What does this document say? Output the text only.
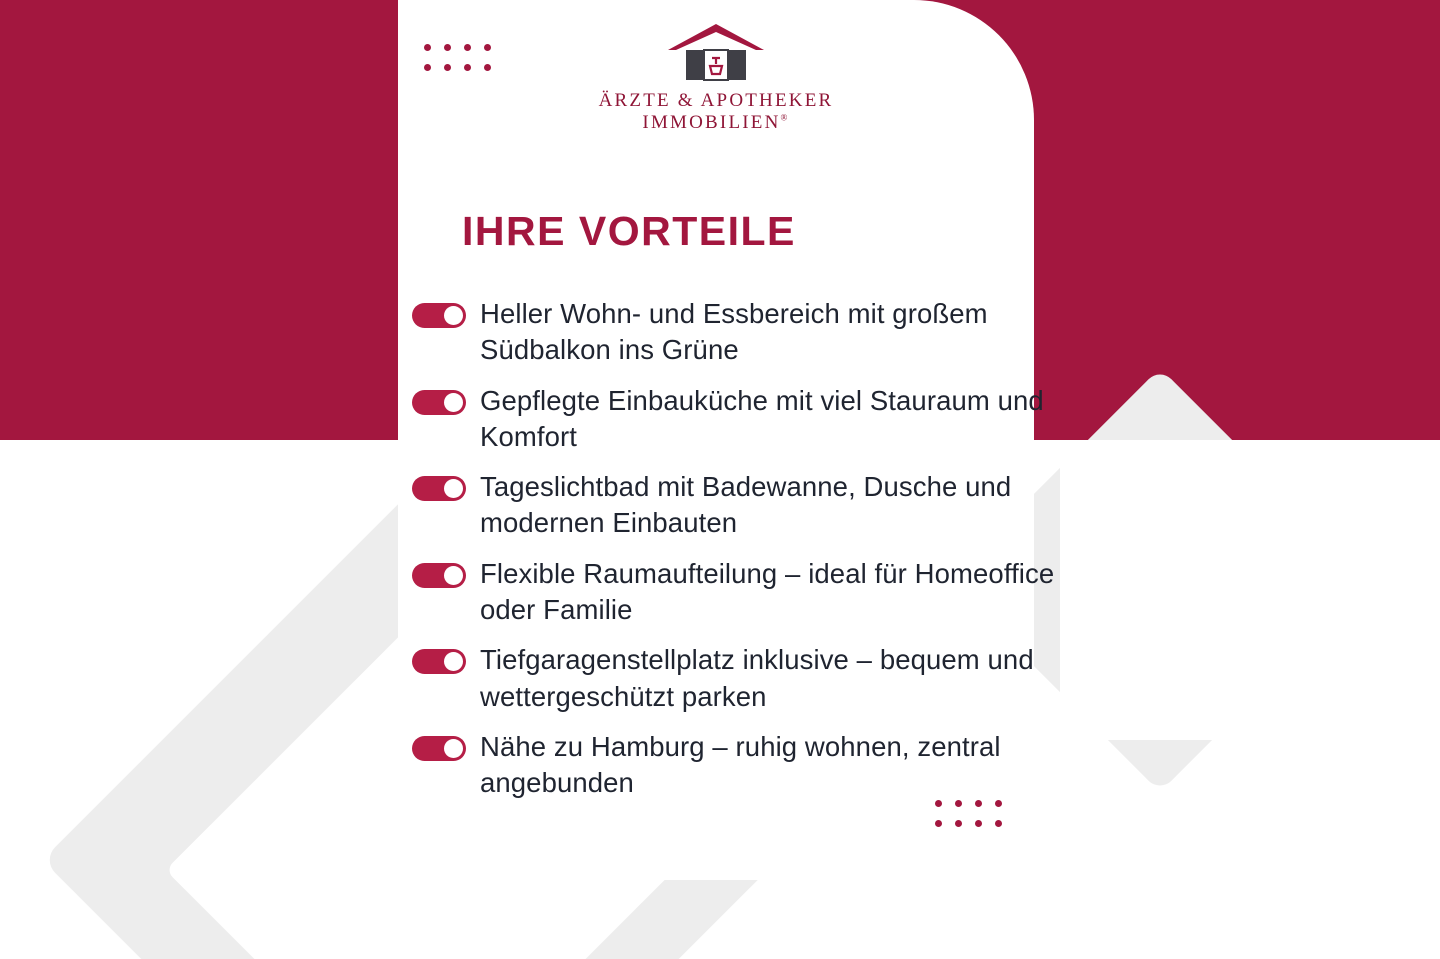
ÄRZTE & APOTHEKER
IMMOBILIEN®
IHRE VORTEILE
Heller Wohn- und Essbereich mit großem Südbalkon ins Grüne
Gepflegte Einbauküche mit viel Stauraum und Komfort
Tageslichtbad mit Badewanne, Dusche und modernen Einbauten
Flexible Raumaufteilung – ideal für Homeoffice oder Familie
Tiefgaragenstellplatz inklusive – bequem und wettergeschützt parken
Nähe zu Hamburg – ruhig wohnen, zentral angebunden
